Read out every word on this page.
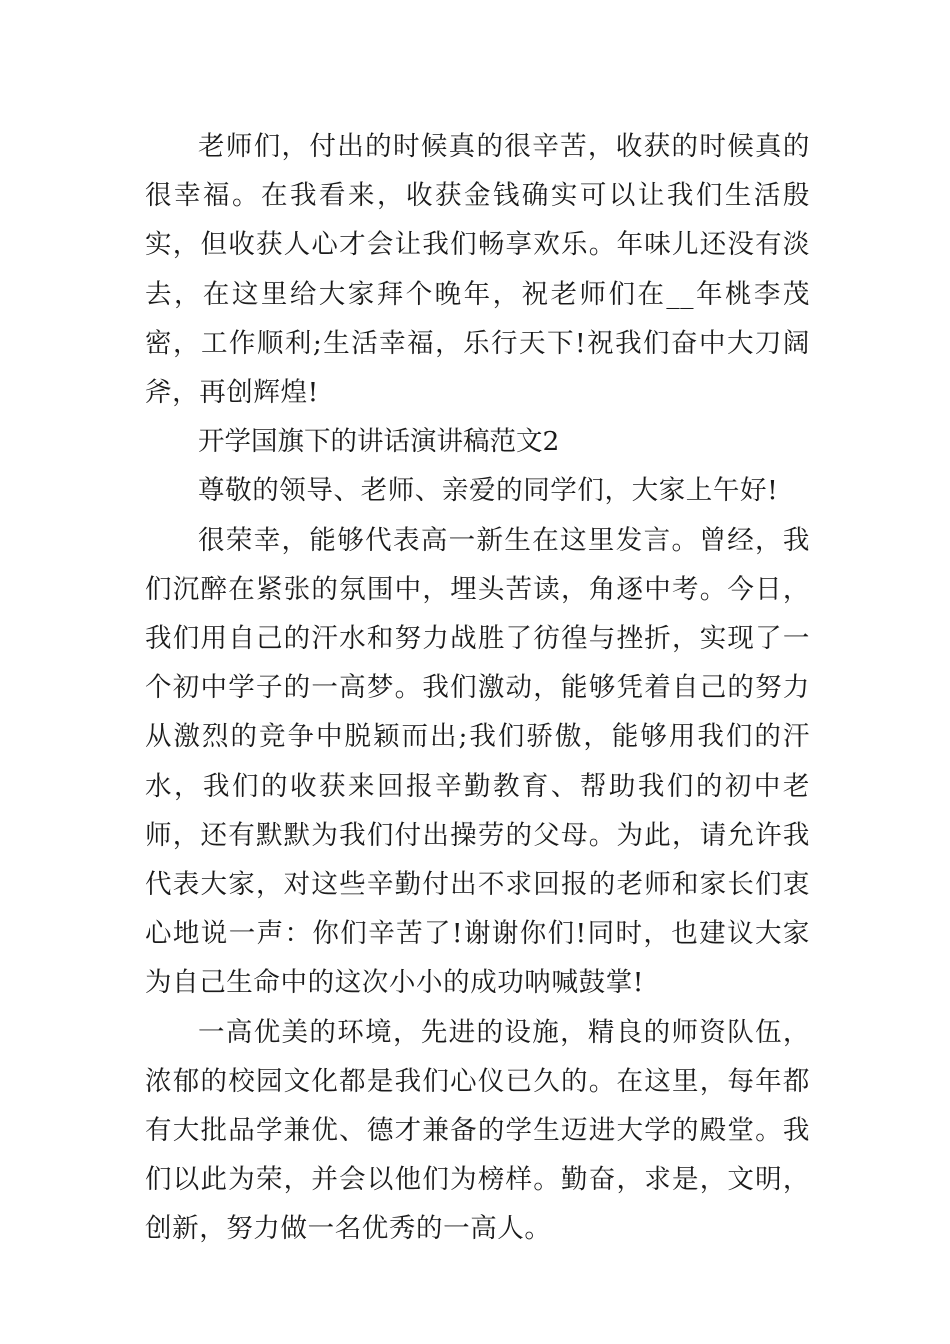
老师们，付出的时候真的很辛苦，收获的时候真的很幸福。在我看来，收获金钱确实可以让我们生活殷实，但收获人心才会让我们畅享欢乐。年味儿还没有淡去，在这里给大家拜个晚年，祝老师们在__年桃李茂密，工作顺利;生活幸福，乐行天下!祝我们奋中大刀阔斧，再创辉煌!

开学国旗下的讲话演讲稿范文2

尊敬的领导、老师、亲爱的同学们，大家上午好!

很荣幸，能够代表高一新生在这里发言。曾经，我们沉醉在紧张的氛围中，埋头苦读，角逐中考。今日，我们用自己的汗水和努力战胜了彷徨与挫折，实现了一个初中学子的一高梦。我们激动，能够凭着自己的努力从激烈的竞争中脱颖而出;我们骄傲，能够用我们的汗水，我们的收获来回报辛勤教育、帮助我们的初中老师，还有默默为我们付出操劳的父母。为此，请允许我代表大家，对这些辛勤付出不求回报的老师和家长们衷心地说一声：你们辛苦了!谢谢你们!同时，也建议大家为自己生命中的这次小小的成功呐喊鼓掌!

一高优美的环境，先进的设施，精良的师资队伍，浓郁的校园文化都是我们心仪已久的。在这里，每年都有大批品学兼优、德才兼备的学生迈进大学的殿堂。我们以此为荣，并会以他们为榜样。勤奋，求是，文明，创新，努力做一名优秀的一高人。
